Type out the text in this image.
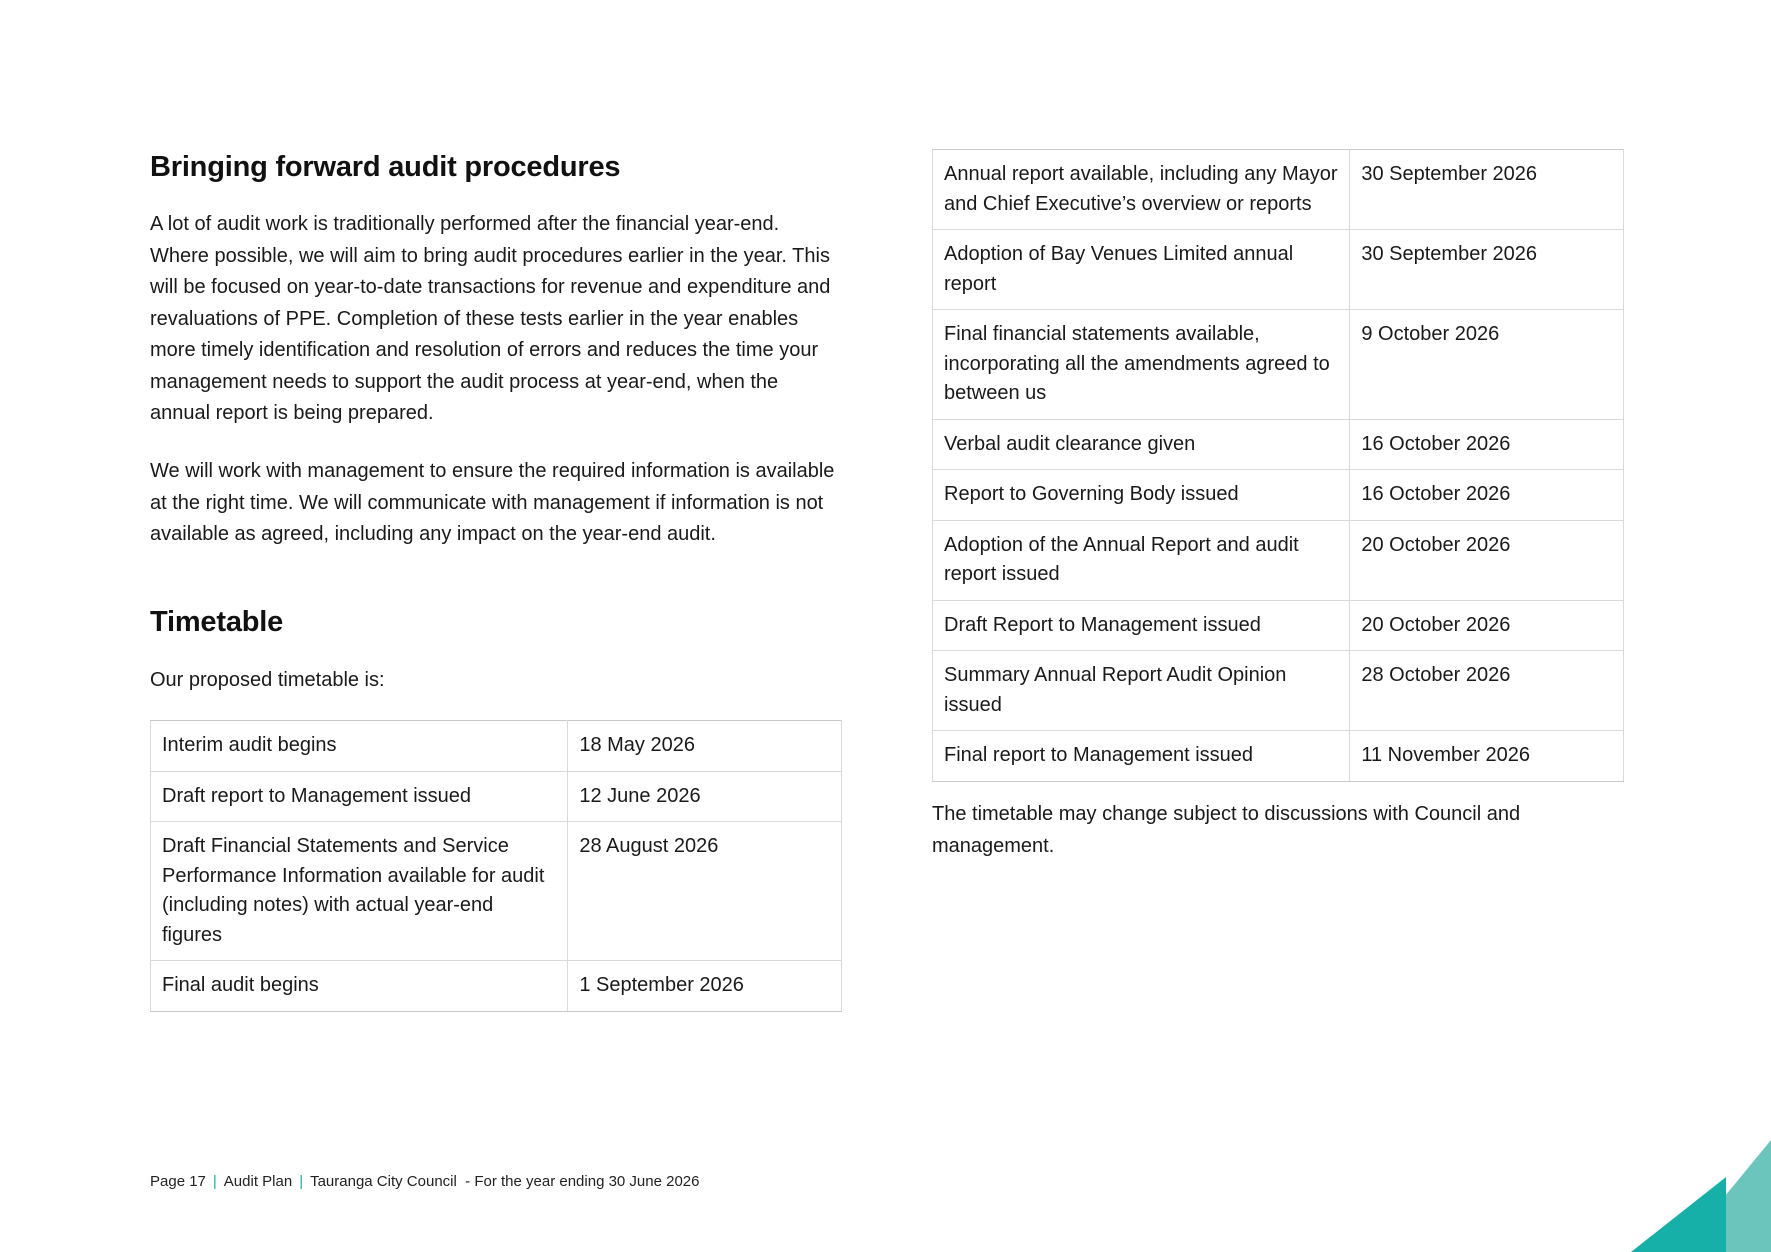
Bringing forward audit procedures

A lot of audit work is traditionally performed after the financial year-end. Where possible, we will aim to bring audit procedures earlier in the year. This will be focused on year-to-date transactions for revenue and expenditure and revaluations of PPE. Completion of these tests earlier in the year enables more timely identification and resolution of errors and reduces the time your management needs to support the audit process at year-end, when the annual report is being prepared.

We will work with management to ensure the required information is available at the right time. We will communicate with management if information is not available as agreed, including any impact on the year-end audit.

Timetable

Our proposed timetable is:

Interim audit begins	18 May 2026
Draft report to Management issued	12 June 2026
Draft Financial Statements and Service Performance Information available for audit (including notes) with actual year-end figures	28 August 2026
Final audit begins	1 September 2026
Annual report available, including any Mayor and Chief Executive’s overview or reports	30 September 2026
Adoption of Bay Venues Limited annual report	30 September 2026
Final financial statements available, incorporating all the amendments agreed to between us	9 October 2026
Verbal audit clearance given	16 October 2026
Report to Governing Body issued	16 October 2026
Adoption of the Annual Report and audit report issued	20 October 2026
Draft Report to Management issued	20 October 2026
Summary Annual Report Audit Opinion issued	28 October 2026
Final report to Management issued	11 November 2026

The timetable may change subject to discussions with Council and management.

Page 17 | Audit Plan | Tauranga City Council  - For the year ending 30 June 2026
